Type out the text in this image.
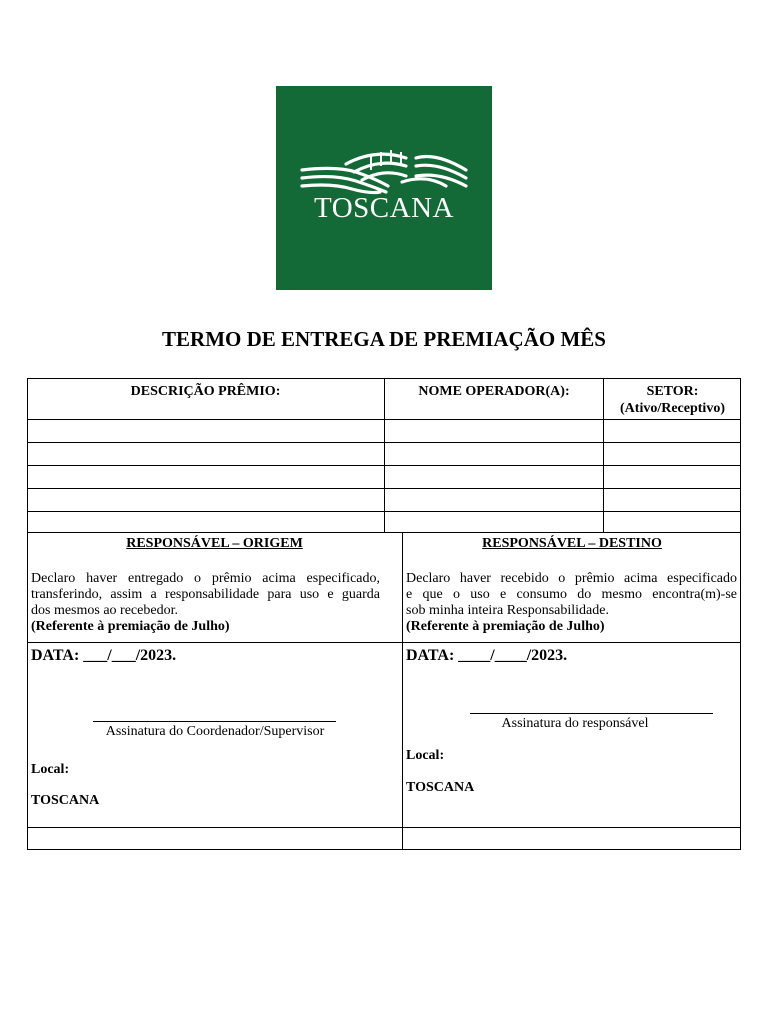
TOSCANA
TERMO DE ENTREGA DE PREMIAÇÃO MÊS
DESCRIÇÃO PRÊMIO:	NOME OPERADOR(A):	SETOR:
(Ativo/Receptivo)
RESPONSÁVEL – ORIGEM
Declaro haver entregado o prêmio acima especificado,
transferindo, assim a responsabilidade para uso e guarda
dos mesmos ao recebedor.
(Referente à premiação de Julho)
DATA: ___/___/2023.
Assinatura do Coordenador/Supervisor
Local:
TOSCANA
RESPONSÁVEL – DESTINO
Declaro haver recebido o prêmio acima especificado
e que o uso e consumo do mesmo encontra(m)-se
sob minha inteira Responsabilidade.
(Referente à premiação de Julho)
DATA: ____/____/2023.
Assinatura do responsável
Local:
TOSCANA
